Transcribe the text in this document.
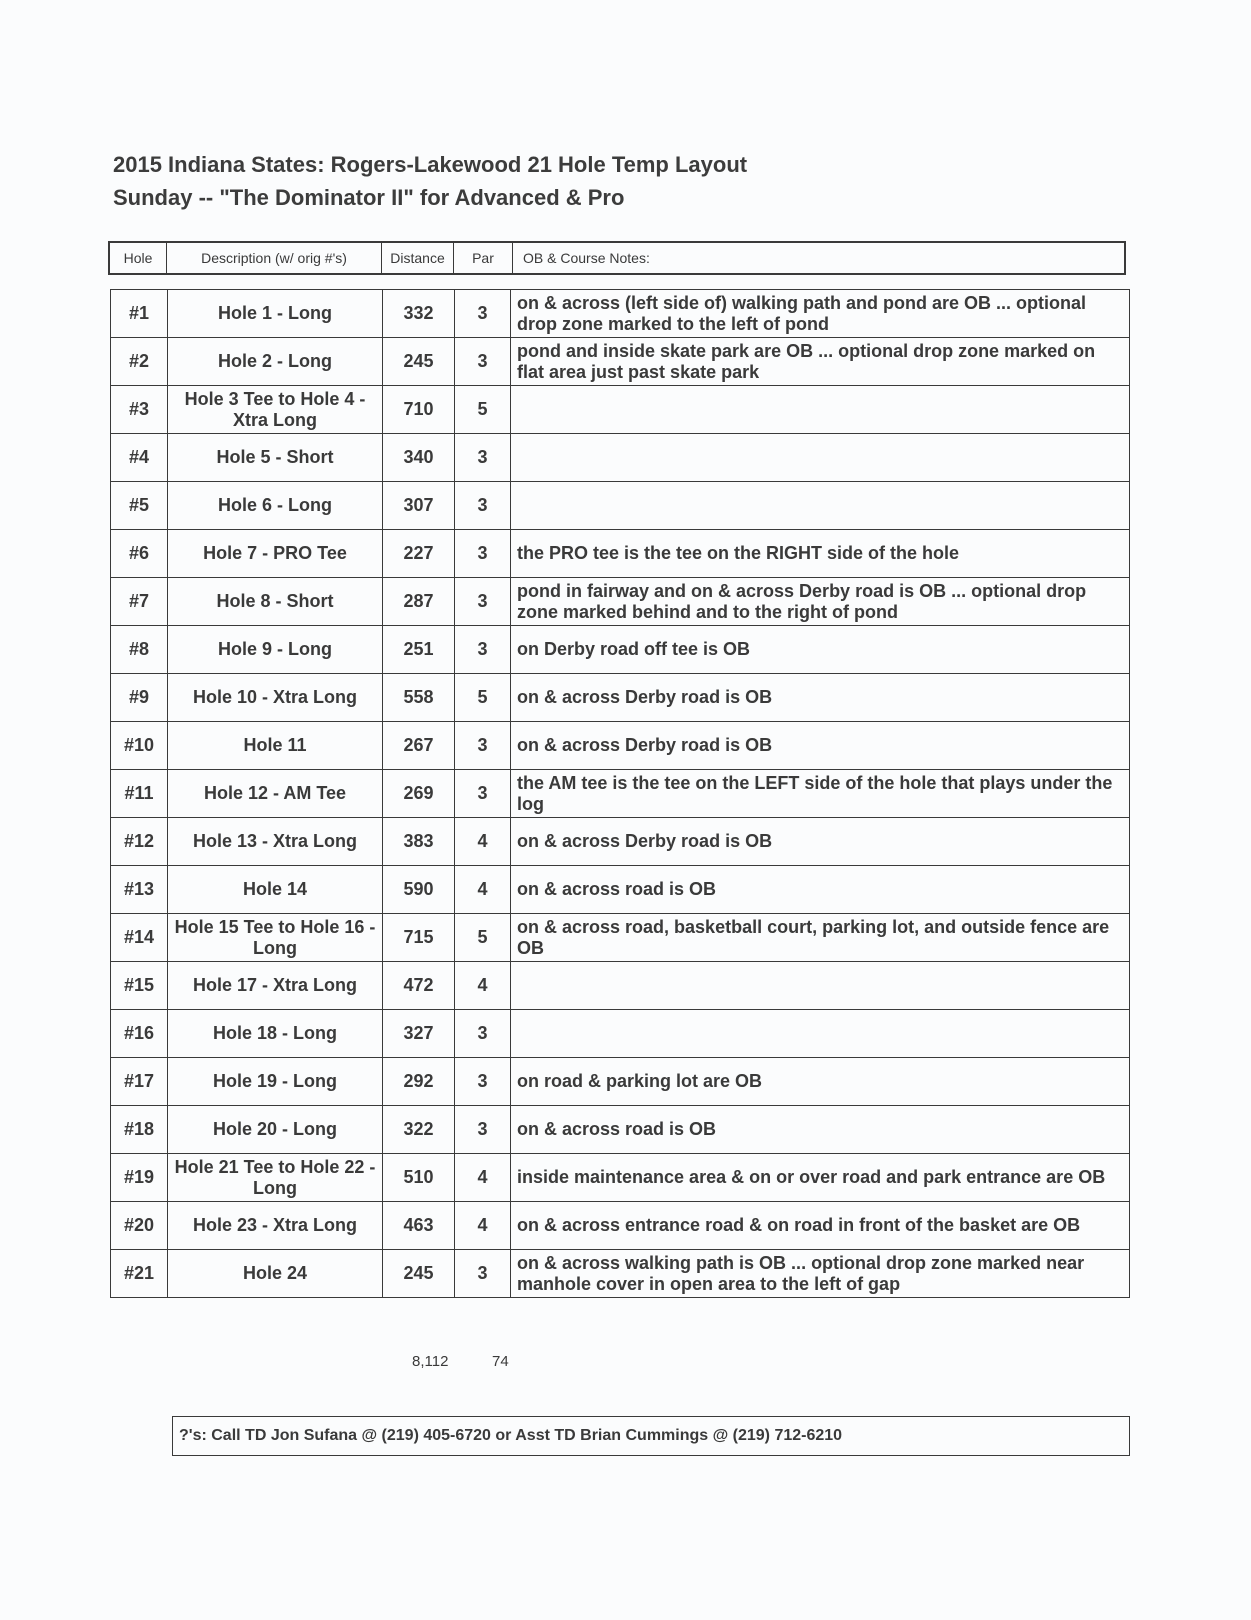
2015 Indiana States: Rogers-Lakewood 21 Hole Temp Layout
Sunday -- "The Dominator II" for Advanced & Pro
Hole	Description (w/ orig #'s)	Distance	Par	OB & Course Notes:
#1	Hole 1 - Long	332	3	on & across (left side of) walking path and pond are OB ... optional drop zone marked to the left of pond
#2	Hole 2 - Long	245	3	pond and inside skate park are OB ... optional drop zone marked on flat area just past skate park
#3	Hole 3 Tee to Hole 4 - Xtra Long	710	5	
#4	Hole 5 - Short	340	3	
#5	Hole 6 - Long	307	3	
#6	Hole 7 - PRO Tee	227	3	the PRO tee is the tee on the RIGHT side of the hole
#7	Hole 8 - Short	287	3	pond in fairway and on & across Derby road is OB ... optional drop zone marked behind and to the right of pond
#8	Hole 9 - Long	251	3	on Derby road off tee is OB
#9	Hole 10 - Xtra Long	558	5	on & across Derby road is OB
#10	Hole 11	267	3	on & across Derby road is OB
#11	Hole 12 - AM Tee	269	3	the AM tee is the tee on the LEFT side of the hole that plays under the log
#12	Hole 13 - Xtra Long	383	4	on & across Derby road is OB
#13	Hole 14	590	4	on & across road is OB
#14	Hole 15 Tee to Hole 16 - Long	715	5	on & across road, basketball court, parking lot, and outside fence are OB
#15	Hole 17 - Xtra Long	472	4	
#16	Hole 18 - Long	327	3	
#17	Hole 19 - Long	292	3	on road & parking lot are OB
#18	Hole 20 - Long	322	3	on & across road is OB
#19	Hole 21 Tee to Hole 22 - Long	510	4	inside maintenance area & on or over road and park entrance are OB
#20	Hole 23 - Xtra Long	463	4	on & across entrance road & on road in front of the basket are OB
#21	Hole 24	245	3	on & across walking path is OB ... optional drop zone marked near manhole cover in open area to the left of gap
8,112	74
?'s: Call TD Jon Sufana @ (219) 405-6720 or Asst TD Brian Cummings @ (219) 712-6210
